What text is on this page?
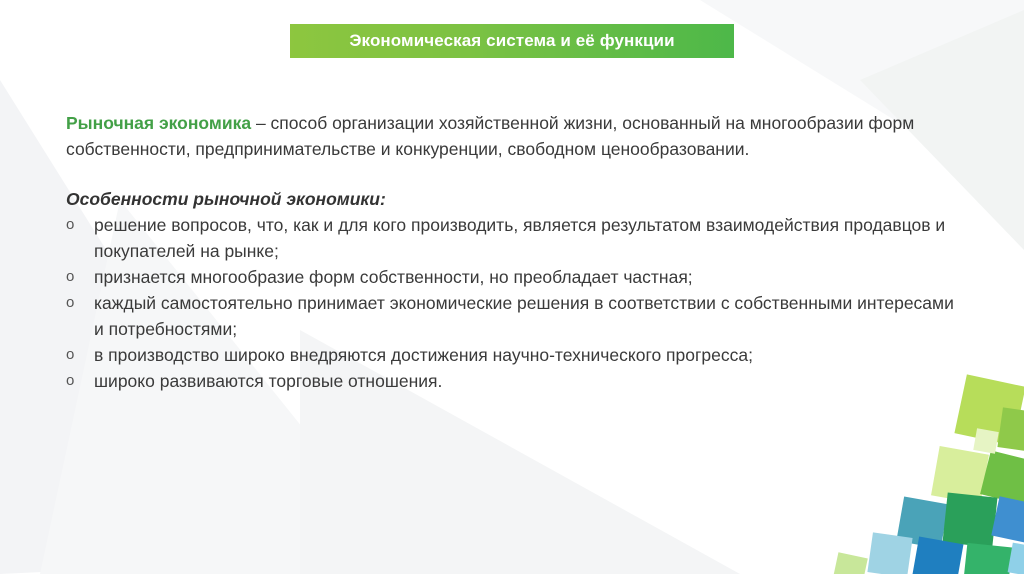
Экономическая система и её функции

Рыночная экономика – способ организации хозяйственной жизни, основанный на многообразии форм собственности, предпринимательстве и конкуренции, свободном ценообразовании.

Особенности рыночной экономики:

o решение вопросов, что, как и для кого производить, является результатом взаимодействия продавцов и покупателей на рынке;
o признается многообразие форм собственности, но преобладает частная;
o каждый самостоятельно принимает экономические решения в соответствии с собственными интересами и потребностями;
o в производство широко внедряются достижения научно-технического прогресса;
o широко развиваются торговые отношения.
